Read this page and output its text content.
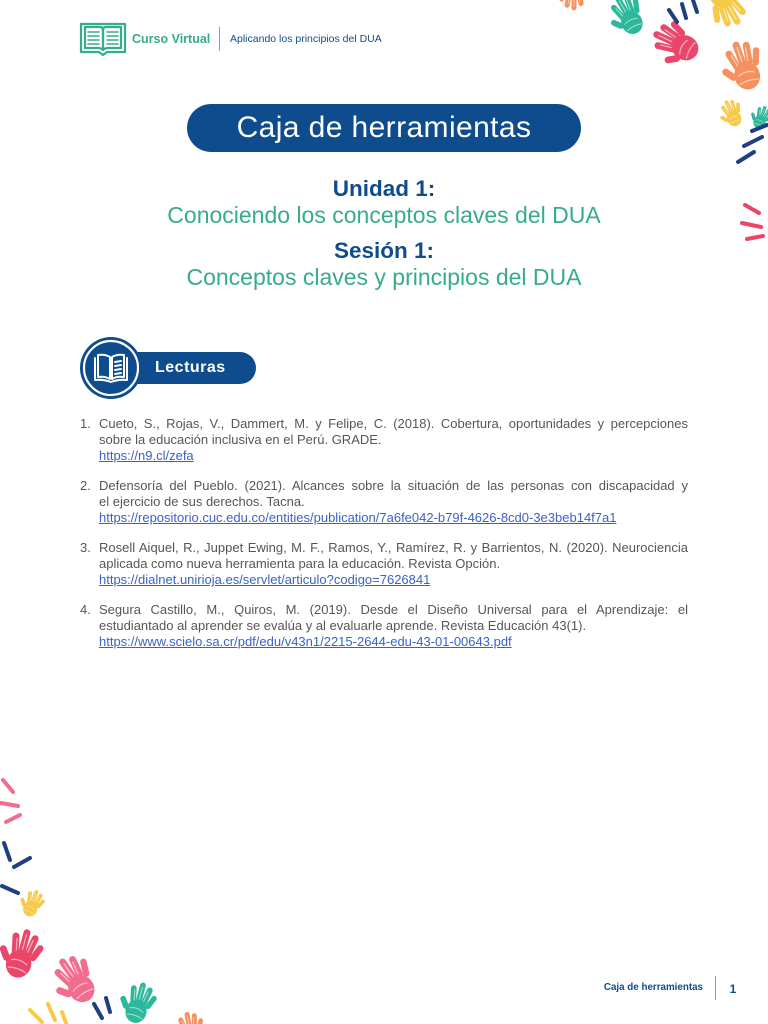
Curso Virtual Aplicando los principios del DUA
Caja de herramientas
Unidad 1:
Conociendo los conceptos claves del DUA
Sesión 1:
Conceptos claves y principios del DUA
Lecturas
1. Cueto, S., Rojas, V., Dammert, M. y Felipe, C. (2018). Cobertura, oportunidades y percepciones
sobre la educación inclusiva en el Perú. GRADE.
https://n9.cl/zefa
2. Defensoría del Pueblo. (2021). Alcances sobre la situación de las personas con discapacidad y
el ejercicio de sus derechos. Tacna.
https://repositorio.cuc.edu.co/entities/publication/7a6fe042-b79f-4626-8cd0-3e3beb14f7a1
3. Rosell Aiquel, R., Juppet Ewing, M. F., Ramos, Y., Ramírez, R. y Barrientos, N. (2020). Neurociencia
aplicada como nueva herramienta para la educación. Revista Opción.
https://dialnet.unirioja.es/servlet/articulo?codigo=7626841
4. Segura Castillo, M., Quiros, M. (2019). Desde el Diseño Universal para el Aprendizaje: el
estudiantado al aprender se evalúa y al evaluarle aprende. Revista Educación 43(1).
https://www.scielo.sa.cr/pdf/edu/v43n1/2215-2644-edu-43-01-00643.pdf
Caja de herramientas	1
